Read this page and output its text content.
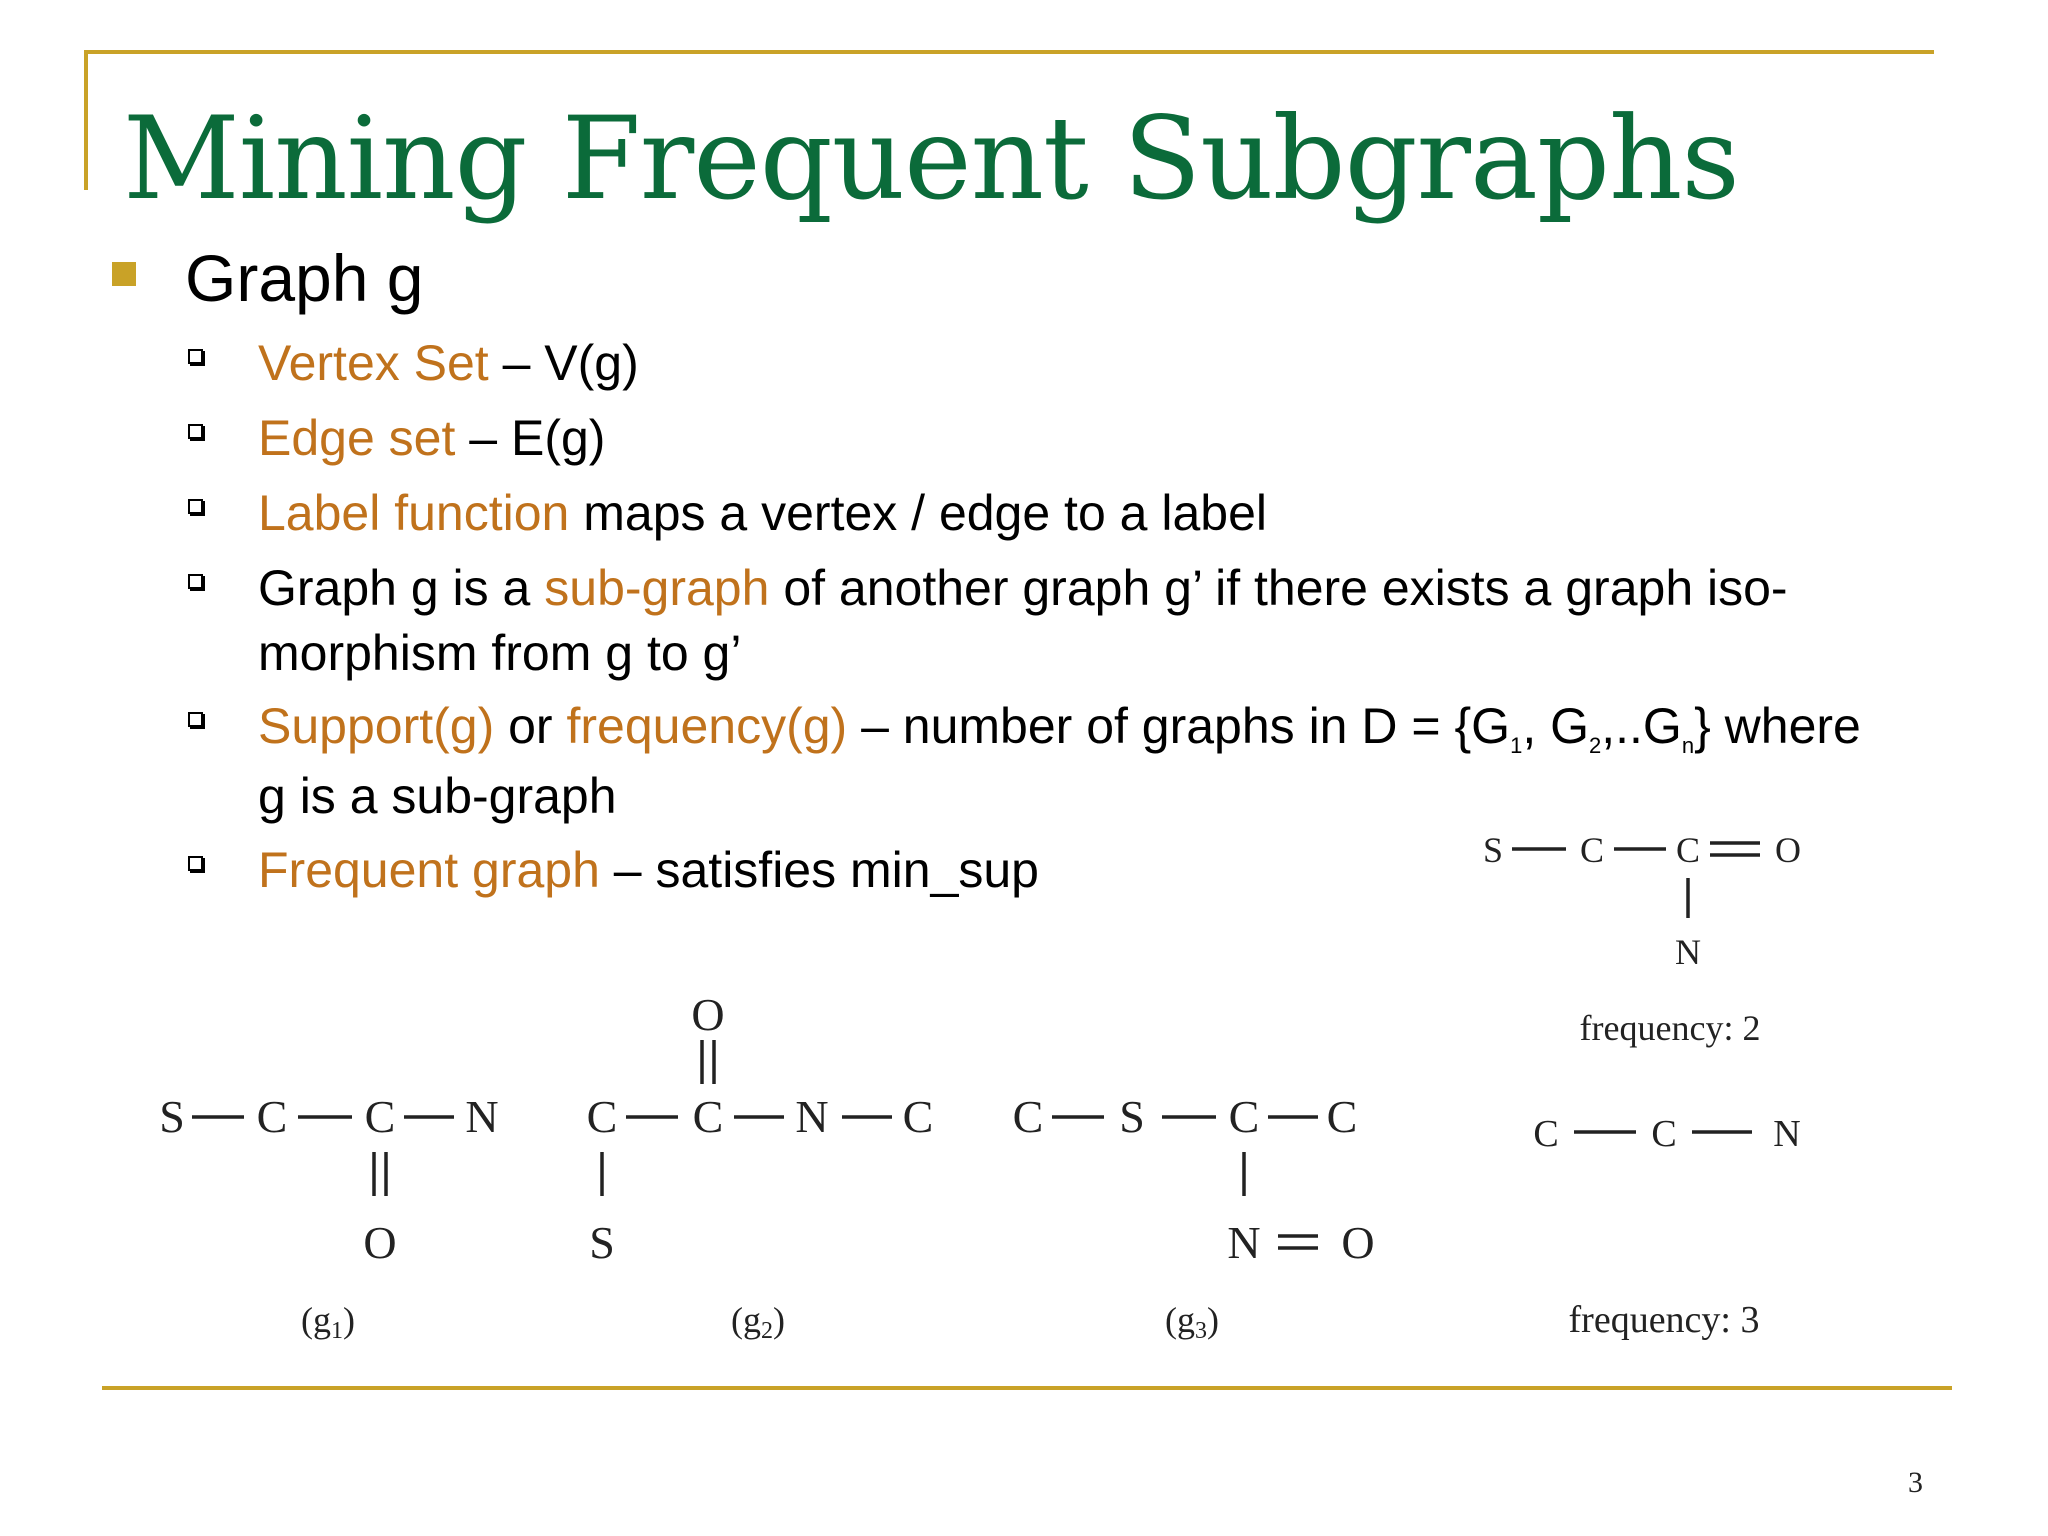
Mining Frequent Subgraphs
Graph g
Vertex Set – V(g)
Edge set – E(g)
Label function maps a vertex / edge to a label
Graph g is a sub-graph of another graph g’ if there exists a graph iso-
morphism from g to g’
Support(g) or frequency(g) – number of graphs in $D = \{G_1$, $G_2,..G_n$} where
g is a sub-graph
Frequent graph – satisfies min_sup
S C C N
O
(g1)
O
C C N C
S
(g2)
C S C C
N O
(g3)
S C C O
N
frequency: 2
C C	N
frequency: 3
3
